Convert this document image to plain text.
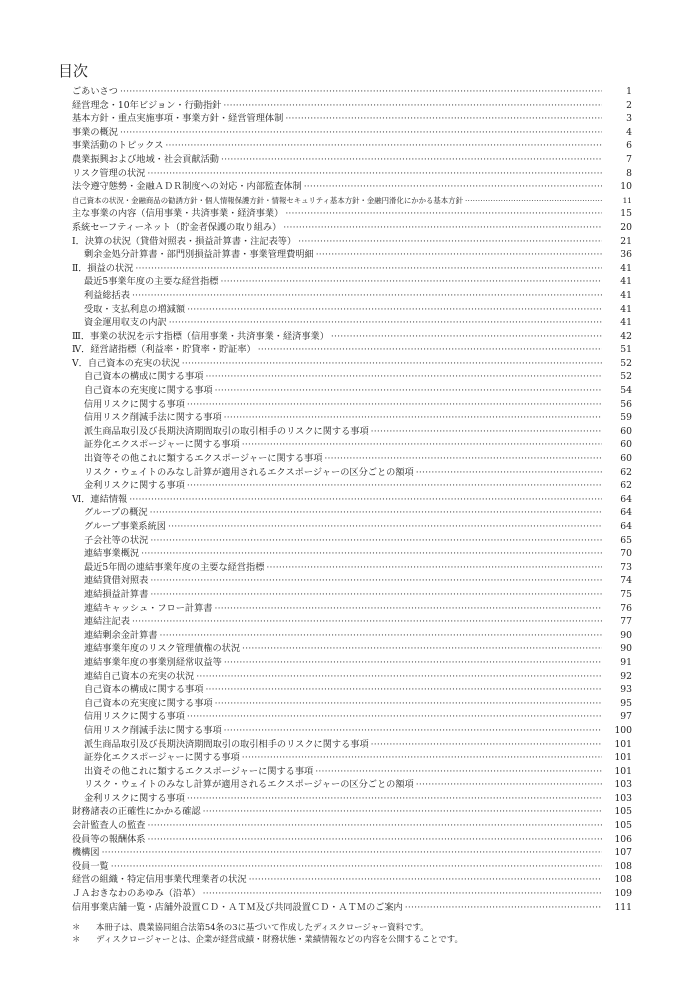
目次
ごあいさつ ·····	1
経営理念・10年ビジョン・行動指針 ·····	2
基本方針・重点実施事項・事業方針・経営管理体制 ·····	3
事業の概況 ·····	4
事業活動のトピックス ·····	6
農業振興および地域・社会貢献活動 ·····	7
リスク管理の状況 ·····	8
法令遵守態勢・金融ＡＤＲ制度への対応・内部監査体制 ·····	10
自己資本の状況・金融商品の勧誘方針・個人情報保護方針・情報セキュリティ基本方針・金融円滑化にかかる基本方針 ·····	11
主な事業の内容（信用事業・共済事業・経済事業） ·····	15
系統セーフティーネット（貯金者保護の取り組み） ·····	20
Ⅰ．決算の状況（貸借対照表・損益計算書・注記表等） ·····	21
剰余金処分計算書・部門別損益計算書・事業管理費明細 ·····	36
Ⅱ．損益の状況 ·····	41
最近5事業年度の主要な経営指標 ·····	41
利益総括表 ·····	41
受取・支払利息の増減額 ·····	41
資金運用収支の内訳 ·····	41
Ⅲ．事業の状況を示す指標（信用事業・共済事業・経済事業） ·····	42
Ⅳ．経営諸指標（利益率・貯貸率・貯証率） ·····	51
Ⅴ．自己資本の充実の状況 ·····	52
自己資本の構成に関する事項 ·····	52
自己資本の充実度に関する事項 ·····	54
信用リスクに関する事項 ·····	56
信用リスク削減手法に関する事項 ·····	59
派生商品取引及び長期決済期間取引の取引相手のリスクに関する事項 ·····	60
証券化エクスポージャーに関する事項 ·····	60
出資等その他これに類するエクスポージャーに関する事項 ·····	60
リスク・ウェイトのみなし計算が適用されるエクスポージャーの区分ごとの額項 ·····	62
金利リスクに関する事項 ·····	62
Ⅵ．連結情報 ·····	64
グループの概況 ·····	64
グループ事業系統図 ·····	64
子会社等の状況 ·····	65
連結事業概況 ·····	70
最近5年間の連結事業年度の主要な経営指標 ·····	73
連結貸借対照表 ·····	74
連結損益計算書 ·····	75
連結キャッシュ・フロー計算書 ·····	76
連結注記表 ·····	77
連結剰余金計算書 ·····	90
連結事業年度のリスク管理債権の状況 ·····	90
連結事業年度の事業別経常収益等 ·····	91
連結自己資本の充実の状況 ·····	92
自己資本の構成に関する事項 ·····	93
自己資本の充実度に関する事項 ·····	95
信用リスクに関する事項 ·····	97
信用リスク削減手法に関する事項 ·····	100
派生商品取引及び長期決済期間取引の取引相手のリスクに関する事項 ·····	101
証券化エクスポージャーに関する事項 ·····	101
出資その他これに類するエクスポージャーに関する事項 ·····	101
リスク・ウェイトのみなし計算が適用されるエクスポージャーの区分ごとの額項 ·····	103
金利リスクに関する事項 ·····	103
財務諸表の正確性にかかる確認 ·····	105
会計監査人の監査 ·····	105
役員等の報酬体系 ·····	106
機構図 ·····	107
役員一覧 ·····	108
経営の組織・特定信用事業代理業者の状況 ·····	108
ＪＡおきなわのあゆみ（沿革） ·····	109
信用事業店舗一覧・店舗外設置ＣＤ・ＡＴＭ及び共同設置ＣＤ・ＡＴＭのご案内 ·····	111
＊	本冊子は、農業協同組合法第54条の3に基づいて作成したディスクロージャー資料です。
＊	ディスクロージャーとは、企業が経営成績・財務状態・業績情報などの内容を公開することです。
